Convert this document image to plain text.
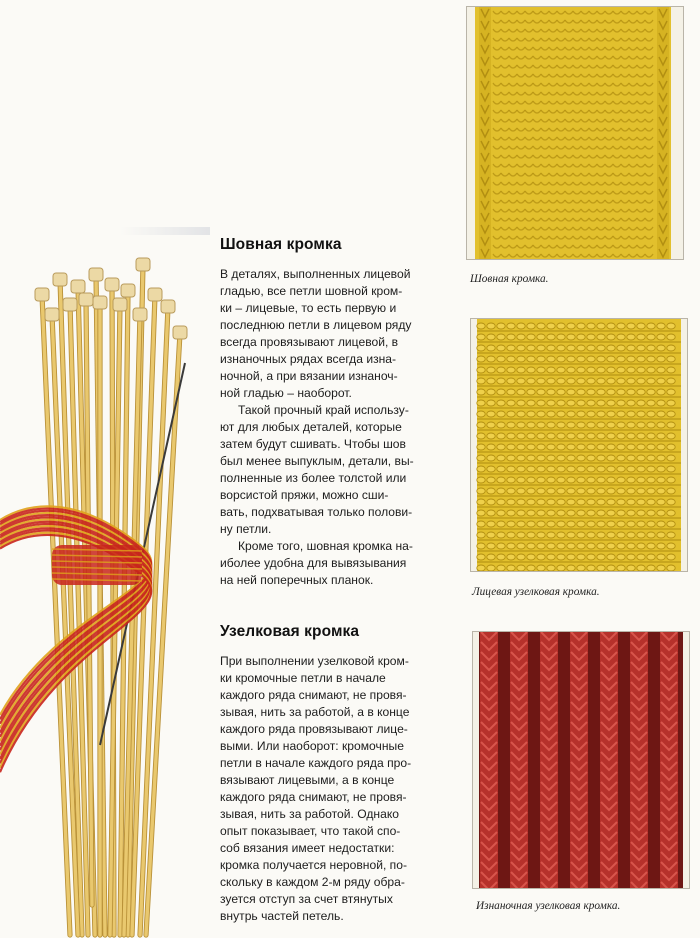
Шовная кромка
В деталях, выполненных лицевой
гладью, все петли шовной кром-
ки – лицевые, то есть первую и
последнюю петли в лицевом ряду
всегда провязывают лицевой, в
изнаночных рядах всегда изна-
ночной, а при вязании изнаноч-
ной гладью – наоборот.
Такой прочный край использу-
ют для любых деталей, которые
затем будут сшивать. Чтобы шов
был менее выпуклым, детали, вы-
полненные из более толстой или
ворсистой пряжи, можно сши-
вать, подхватывая только полови-
ну петли.
Кроме того, шовная кромка на-
иболее удобна для вывязывания
на ней поперечных планок.
Узелковая кромка
При выполнении узелковой кром-
ки кромочные петли в начале
каждого ряда снимают, не провя-
зывая, нить за работой, а в конце
каждого ряда провязывают лице-
выми. Или наоборот: кромочные
петли в начале каждого ряда про-
вязывают лицевыми, а в конце
каждого ряда снимают, не провя-
зывая, нить за работой. Однако
опыт показывает, что такой спо-
соб вязания имеет недостатки:
кромка получается неровной, по-
скольку в каждом 2-м ряду обра-
зуется отступ за счет втянутых
внутрь частей петель.

Шовная кромка.

Лицевая узелковая кромка.

Изнаночная узелковая кромка.
